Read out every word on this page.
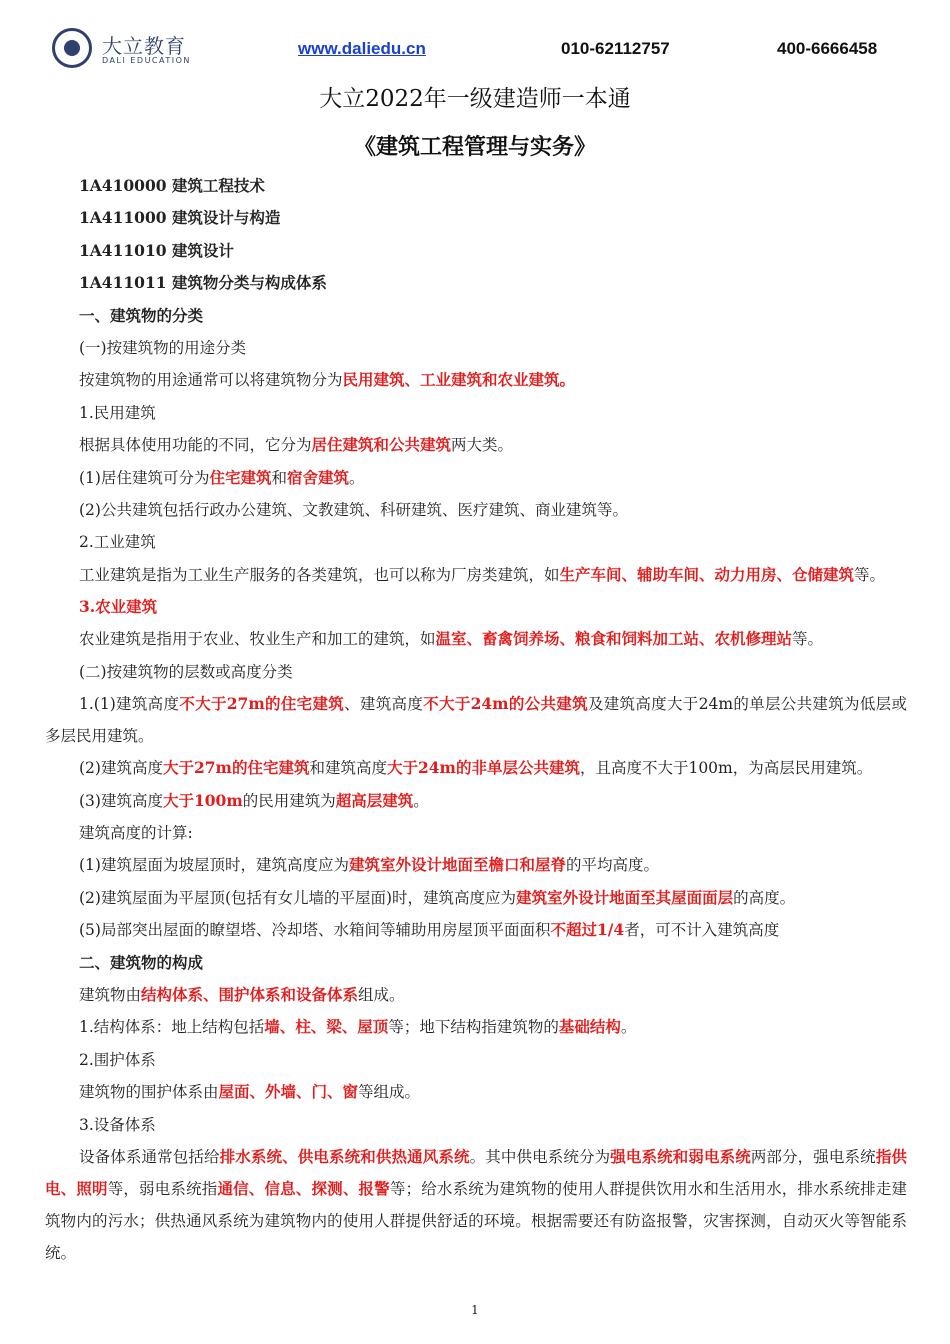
大立教育
DALI EDUCATION
www.daliedu.cn	010-62112757	400-6666458
大立2022年一级建造师一本通
《建筑工程管理与实务》
1A410000 建筑工程技术
1A411000 建筑设计与构造
1A411010 建筑设计
1A411011 建筑物分类与构成体系
一、建筑物的分类
(一)按建筑物的用途分类
按建筑物的用途通常可以将建筑物分为民用建筑、工业建筑和农业建筑。
1.民用建筑
根据具体使用功能的不同，它分为居住建筑和公共建筑两大类。
(1)居住建筑可分为住宅建筑和宿舍建筑。
(2)公共建筑包括行政办公建筑、文教建筑、科研建筑、医疗建筑、商业建筑等。
2.工业建筑
工业建筑是指为工业生产服务的各类建筑，也可以称为厂房类建筑，如生产车间、辅助车间、动力用房、仓储建筑等。
3.农业建筑
农业建筑是指用于农业、牧业生产和加工的建筑，如温室、畜禽饲养场、粮食和饲料加工站、农机修理站等。
(二)按建筑物的层数或高度分类
1.(1)建筑高度不大于27m的住宅建筑、建筑高度不大于24m的公共建筑及建筑高度大于24m的单层公共建筑为低层或多层民用建筑。
(2)建筑高度大于27m的住宅建筑和建筑高度大于24m的非单层公共建筑，且高度不大于100m，为高层民用建筑。
(3)建筑高度大于100m的民用建筑为超高层建筑。
建筑高度的计算:
(1)建筑屋面为坡屋顶时，建筑高度应为建筑室外设计地面至檐口和屋脊的平均高度。
(2)建筑屋面为平屋顶(包括有女儿墙的平屋面)时，建筑高度应为建筑室外设计地面至其屋面面层的高度。
(5)局部突出屋面的瞭望塔、冷却塔、水箱间等辅助用房屋顶平面面积不超过1/4者，可不计入建筑高度
二、建筑物的构成
建筑物由结构体系、围护体系和设备体系组成。
1.结构体系：地上结构包括墙、柱、梁、屋顶等；地下结构指建筑物的基础结构。
2.围护体系
建筑物的围护体系由屋面、外墙、门、窗等组成。
3.设备体系
设备体系通常包括给排水系统、供电系统和供热通风系统。其中供电系统分为强电系统和弱电系统两部分，强电系统指供电、照明等，弱电系统指通信、信息、探测、报警等；给水系统为建筑物的使用人群提供饮用水和生活用水，排水系统排走建筑物内的污水；供热通风系统为建筑物内的使用人群提供舒适的环境。根据需要还有防盗报警，灾害探测，自动灭火等智能系统。
1
